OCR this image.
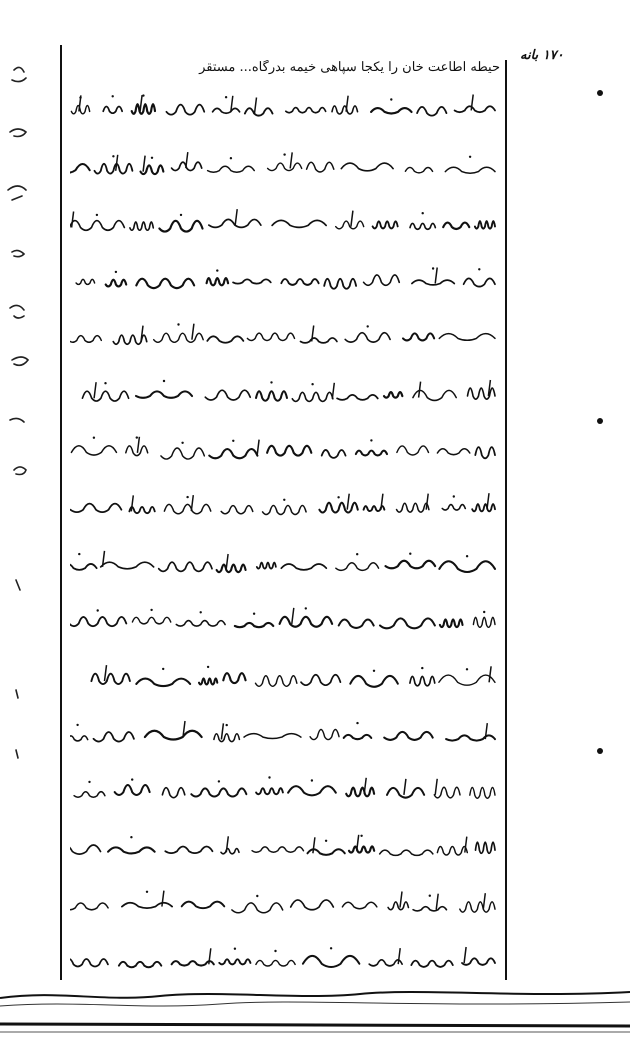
۱۷۰ بانه
حیطه اطاعت خان را یکجا سپاهی خیمه بدرگاه... مستقر
